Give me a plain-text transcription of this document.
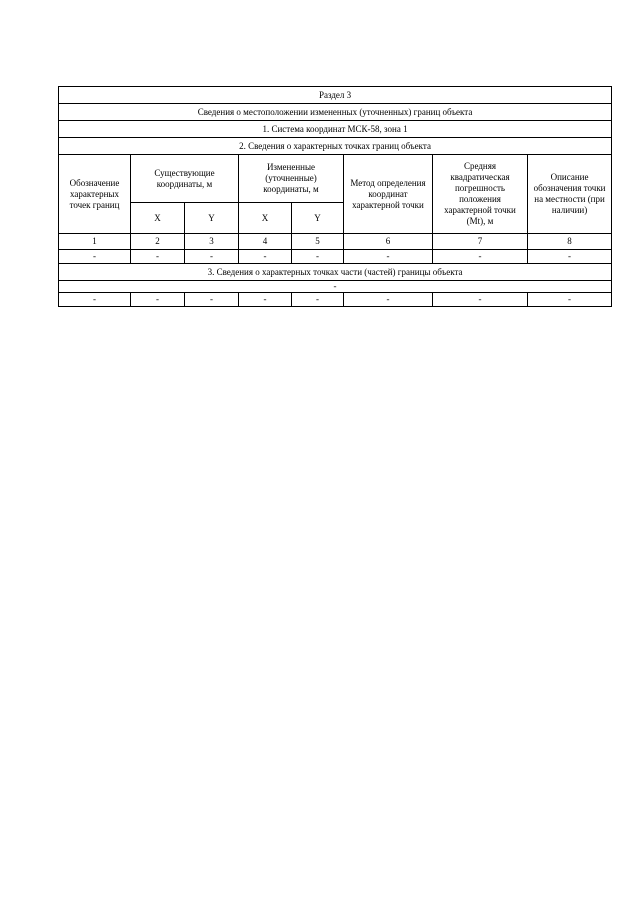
Раздел 3							
Сведения о местоположении измененных (уточненных) границ объекта							
1. Система координат МСК-58, зона 1							
2. Сведения о характерных точках границ объекта							
Обозначение характерных точек границ	Существующие координаты, м		Измененные (уточненные) координаты, м		Метод определения координат характерной точки	Средняя квадратическая погрешность положения характерной точки (Mt), м	Описание обозначения точки на местности (при наличии)
	X	Y	X	Y			
1	2	3	4	5	6	7	8
-	-	-	-	-	-	-	-
3. Сведения о характерных точках части (частей) границы объекта							
-							
-	-	-	-	-	-	-	-
